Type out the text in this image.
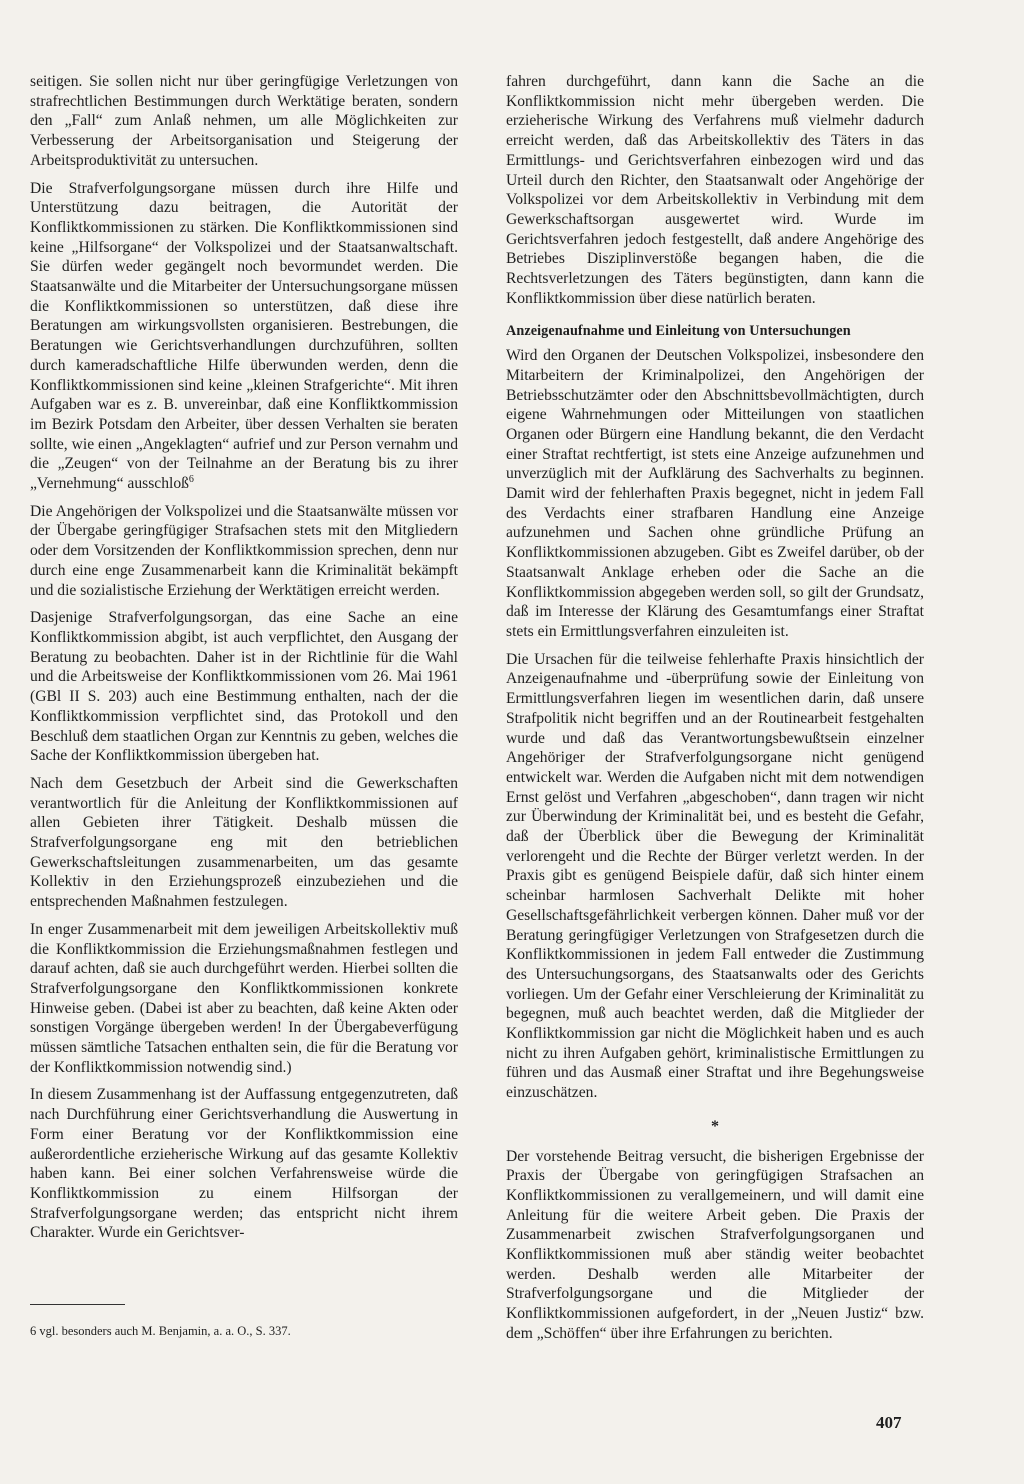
seitigen. Sie sollen nicht nur über geringfügige Verletzungen von strafrechtlichen Bestimmungen durch Werktätige beraten, sondern den „Fall“ zum Anlaß nehmen, um alle Möglichkeiten zur Verbesserung der Arbeitsorganisation und Steigerung der Arbeitsproduktivität zu untersuchen.

Die Strafverfolgungsorgane müssen durch ihre Hilfe und Unterstützung dazu beitragen, die Autorität der Konfliktkommissionen zu stärken. Die Konfliktkommissionen sind keine „Hilfsorgane“ der Volkspolizei und der Staatsanwaltschaft. Sie dürfen weder gegängelt noch bevormundet werden. Die Staatsanwälte und die Mitarbeiter der Untersuchungsorgane müssen die Konfliktkommissionen so unterstützen, daß diese ihre Beratungen am wirkungsvollsten organisieren. Bestrebungen, die Beratungen wie Gerichtsverhandlungen durchzuführen, sollten durch kameradschaftliche Hilfe überwunden werden, denn die Konfliktkommissionen sind keine „kleinen Strafgerichte“. Mit ihren Aufgaben war es z. B. unvereinbar, daß eine Konfliktkommission im Bezirk Potsdam den Arbeiter, über dessen Verhalten sie beraten sollte, wie einen „Angeklagten“ aufrief und zur Person vernahm und die „Zeugen“ von der Teilnahme an der Beratung bis zu ihrer „Vernehmung“ ausschloß$^6$

Die Angehörigen der Volkspolizei und die Staatsanwälte müssen vor der Übergabe geringfügiger Strafsachen stets mit den Mitgliedern oder dem Vorsitzenden der Konfliktkommission sprechen, denn nur durch eine enge Zusammenarbeit kann die Kriminalität bekämpft und die sozialistische Erziehung der Werktätigen erreicht werden.

Dasjenige Strafverfolgungsorgan, das eine Sache an eine Konfliktkommission abgibt, ist auch verpflichtet, den Ausgang der Beratung zu beobachten. Daher ist in der Richtlinie für die Wahl und die Arbeitsweise der Konfliktkommissionen vom 26. Mai 1961 (GBl II S. 203) auch eine Bestimmung enthalten, nach der die Konfliktkommission verpflichtet sind, das Protokoll und den Beschluß dem staatlichen Organ zur Kenntnis zu geben, welches die Sache der Konfliktkommission übergeben hat.

Nach dem Gesetzbuch der Arbeit sind die Gewerkschaften verantwortlich für die Anleitung der Konfliktkommissionen auf allen Gebieten ihrer Tätigkeit. Deshalb müssen die Strafverfolgungsorgane eng mit den betrieblichen Gewerkschaftsleitungen zusammenarbeiten, um das gesamte Kollektiv in den Erziehungsprozeß einzubeziehen und die entsprechenden Maßnahmen festzulegen.

In enger Zusammenarbeit mit dem jeweiligen Arbeitskollektiv muß die Konfliktkommission die Erziehungsmaßnahmen festlegen und darauf achten, daß sie auch durchgeführt werden. Hierbei sollten die Strafverfolgungsorgane den Konfliktkommissionen konkrete Hinweise geben. (Dabei ist aber zu beachten, daß keine Akten oder sonstigen Vorgänge übergeben werden! In der Übergabeverfügung müssen sämtliche Tatsachen enthalten sein, die für die Beratung vor der Konfliktkommission notwendig sind.)

In diesem Zusammenhang ist der Auffassung entgegenzutreten, daß nach Durchführung einer Gerichtsverhandlung die Auswertung in Form einer Beratung vor der Konfliktkommission eine außerordentliche erzieherische Wirkung auf das gesamte Kollektiv haben kann. Bei einer solchen Verfahrensweise würde die Konfliktkommission zu einem Hilfsorgan der Strafverfolgungsorgane werden; das entspricht nicht ihrem Charakter. Wurde ein Gerichtsver-

fahren durchgeführt, dann kann die Sache an die Konfliktkommission nicht mehr übergeben werden. Die erzieherische Wirkung des Verfahrens muß vielmehr dadurch erreicht werden, daß das Arbeitskollektiv des Täters in das Ermittlungs- und Gerichtsverfahren einbezogen wird und das Urteil durch den Richter, den Staatsanwalt oder Angehörige der Volkspolizei vor dem Arbeitskollektiv in Verbindung mit dem Gewerkschaftsorgan ausgewertet wird. Wurde im Gerichtsverfahren jedoch festgestellt, daß andere Angehörige des Betriebes Disziplinverstöße begangen haben, die die Rechtsverletzungen des Täters begünstigten, dann kann die Konfliktkommission über diese natürlich beraten.

Anzeigenaufnahme und Einleitung von Untersuchungen

Wird den Organen der Deutschen Volkspolizei, insbesondere den Mitarbeitern der Kriminalpolizei, den Angehörigen der Betriebsschutzämter oder den Abschnittsbevollmächtigten, durch eigene Wahrnehmungen oder Mitteilungen von staatlichen Organen oder Bürgern eine Handlung bekannt, die den Verdacht einer Straftat rechtfertigt, ist stets eine Anzeige aufzunehmen und unverzüglich mit der Aufklärung des Sachverhalts zu beginnen. Damit wird der fehlerhaften Praxis begegnet, nicht in jedem Fall des Verdachts einer strafbaren Handlung eine Anzeige aufzunehmen und Sachen ohne gründliche Prüfung an Konfliktkommissionen abzugeben. Gibt es Zweifel darüber, ob der Staatsanwalt Anklage erheben oder die Sache an die Konfliktkommission abgegeben werden soll, so gilt der Grundsatz, daß im Interesse der Klärung des Gesamtumfangs einer Straftat stets ein Ermittlungsverfahren einzuleiten ist.

Die Ursachen für die teilweise fehlerhafte Praxis hinsichtlich der Anzeigenaufnahme und -überprüfung sowie der Einleitung von Ermittlungsverfahren liegen im wesentlichen darin, daß unsere Strafpolitik nicht begriffen und an der Routinearbeit festgehalten wurde und daß das Verantwortungsbewußtsein einzelner Angehöriger der Strafverfolgungsorgane nicht genügend entwickelt war. Werden die Aufgaben nicht mit dem notwendigen Ernst gelöst und Verfahren „abgeschoben“, dann tragen wir nicht zur Überwindung der Kriminalität bei, und es besteht die Gefahr, daß der Überblick über die Bewegung der Kriminalität verlorengeht und die Rechte der Bürger verletzt werden. In der Praxis gibt es genügend Beispiele dafür, daß sich hinter einem scheinbar harmlosen Sachverhalt Delikte mit hoher Gesellschaftsgefährlichkeit verbergen können. Daher muß vor der Beratung geringfügiger Verletzungen von Strafgesetzen durch die Konfliktkommissionen in jedem Fall entweder die Zustimmung des Untersuchungsorgans, des Staatsanwalts oder des Gerichts vorliegen. Um der Gefahr einer Verschleierung der Kriminalität zu begegnen, muß auch beachtet werden, daß die Mitglieder der Konfliktkommission gar nicht die Möglichkeit haben und es auch nicht zu ihren Aufgaben gehört, kriminalistische Ermittlungen zu führen und das Ausmaß einer Straftat und ihre Begehungsweise einzuschätzen.

*

Der vorstehende Beitrag versucht, die bisherigen Ergebnisse der Praxis der Übergabe von geringfügigen Strafsachen an Konfliktkommissionen zu verallgemeinern, und will damit eine Anleitung für die weitere Arbeit geben. Die Praxis der Zusammenarbeit zwischen Strafverfolgungsorganen und Konfliktkommissionen muß aber ständig weiter beobachtet werden. Deshalb werden alle Mitarbeiter der Strafverfolgungsorgane und die Mitglieder der Konfliktkommissionen aufgefordert, in der „Neuen Justiz“ bzw. dem „Schöffen“ über ihre Erfahrungen zu berichten.

6 vgl. besonders auch M. Benjamin, a. a. O., S. 337.
407
